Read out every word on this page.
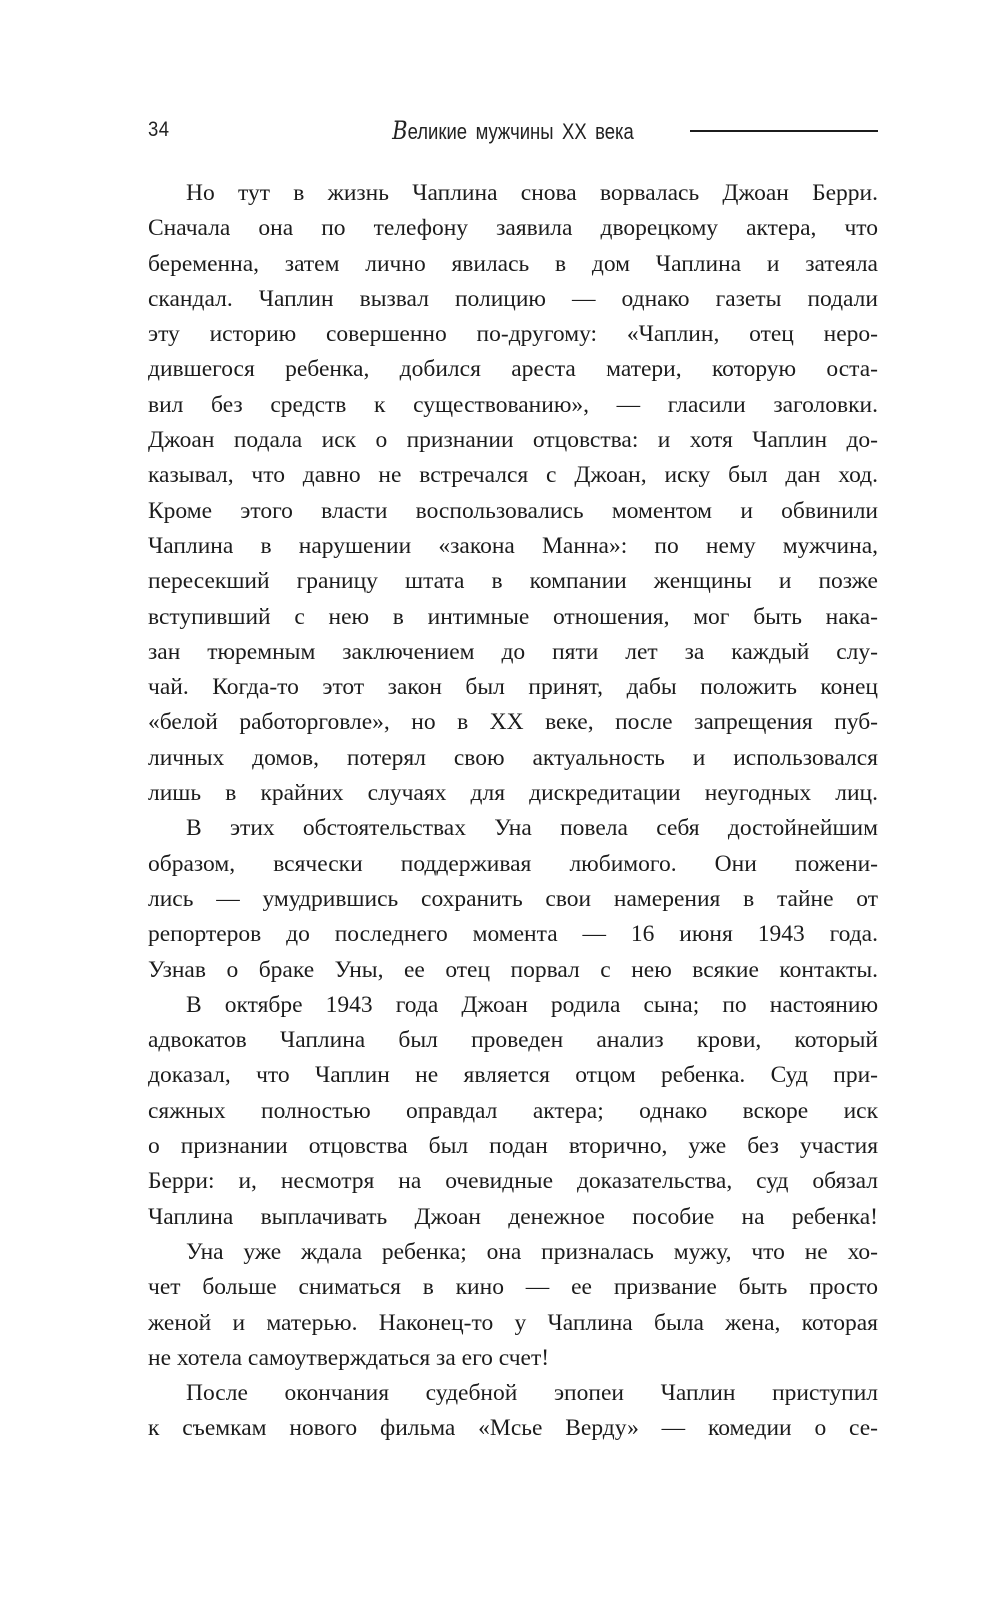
34	Великие мужчины XX века
Но тут в жизнь Чаплина снова ворвалась Джоан Берри.
Сначала она по телефону заявила дворецкому актера, что
беременна, затем лично явилась в дом Чаплина и затеяла
скандал. Чаплин вызвал полицию — однако газеты подали
эту историю совершенно по-другому: «Чаплин, отец неро-
дившегося ребенка, добился ареста матери, которую оста-
вил без средств к существованию», — гласили заголовки.
Джоан подала иск о признании отцовства: и хотя Чаплин до-
казывал, что давно не встречался с Джоан, иску был дан ход.
Кроме этого власти воспользовались моментом и обвинили
Чаплина в нарушении «закона Манна»: по нему мужчина,
пересекший границу штата в компании женщины и позже
вступивший с нею в интимные отношения, мог быть нака-
зан тюремным заключением до пяти лет за каждый слу-
чай. Когда-то этот закон был принят, дабы положить конец
«белой работорговле», но в XX веке, после запрещения пуб-
личных домов, потерял свою актуальность и использовался
лишь в крайних случаях для дискредитации неугодных лиц.
В этих обстоятельствах Уна повела себя достойнейшим
образом, всячески поддерживая любимого. Они пожени-
лись — умудрившись сохранить свои намерения в тайне от
репортеров до последнего момента — 16 июня 1943 года.
Узнав о браке Уны, ее отец порвал с нею всякие контакты.
В октябре 1943 года Джоан родила сына; по настоянию
адвокатов Чаплина был проведен анализ крови, который
доказал, что Чаплин не является отцом ребенка. Суд при-
сяжных полностью оправдал актера; однако вскоре иск
о признании отцовства был подан вторично, уже без участия
Берри: и, несмотря на очевидные доказательства, суд обязал
Чаплина выплачивать Джоан денежное пособие на ребенка!
Уна уже ждала ребенка; она призналась мужу, что не хо-
чет больше сниматься в кино — ее призвание быть просто
женой и матерью. Наконец-то у Чаплина была жена, которая
не хотела самоутверждаться за его счет!
После окончания судебной эпопеи Чаплин приступил
к съемкам нового фильма «Мсье Верду» — комедии о се-
